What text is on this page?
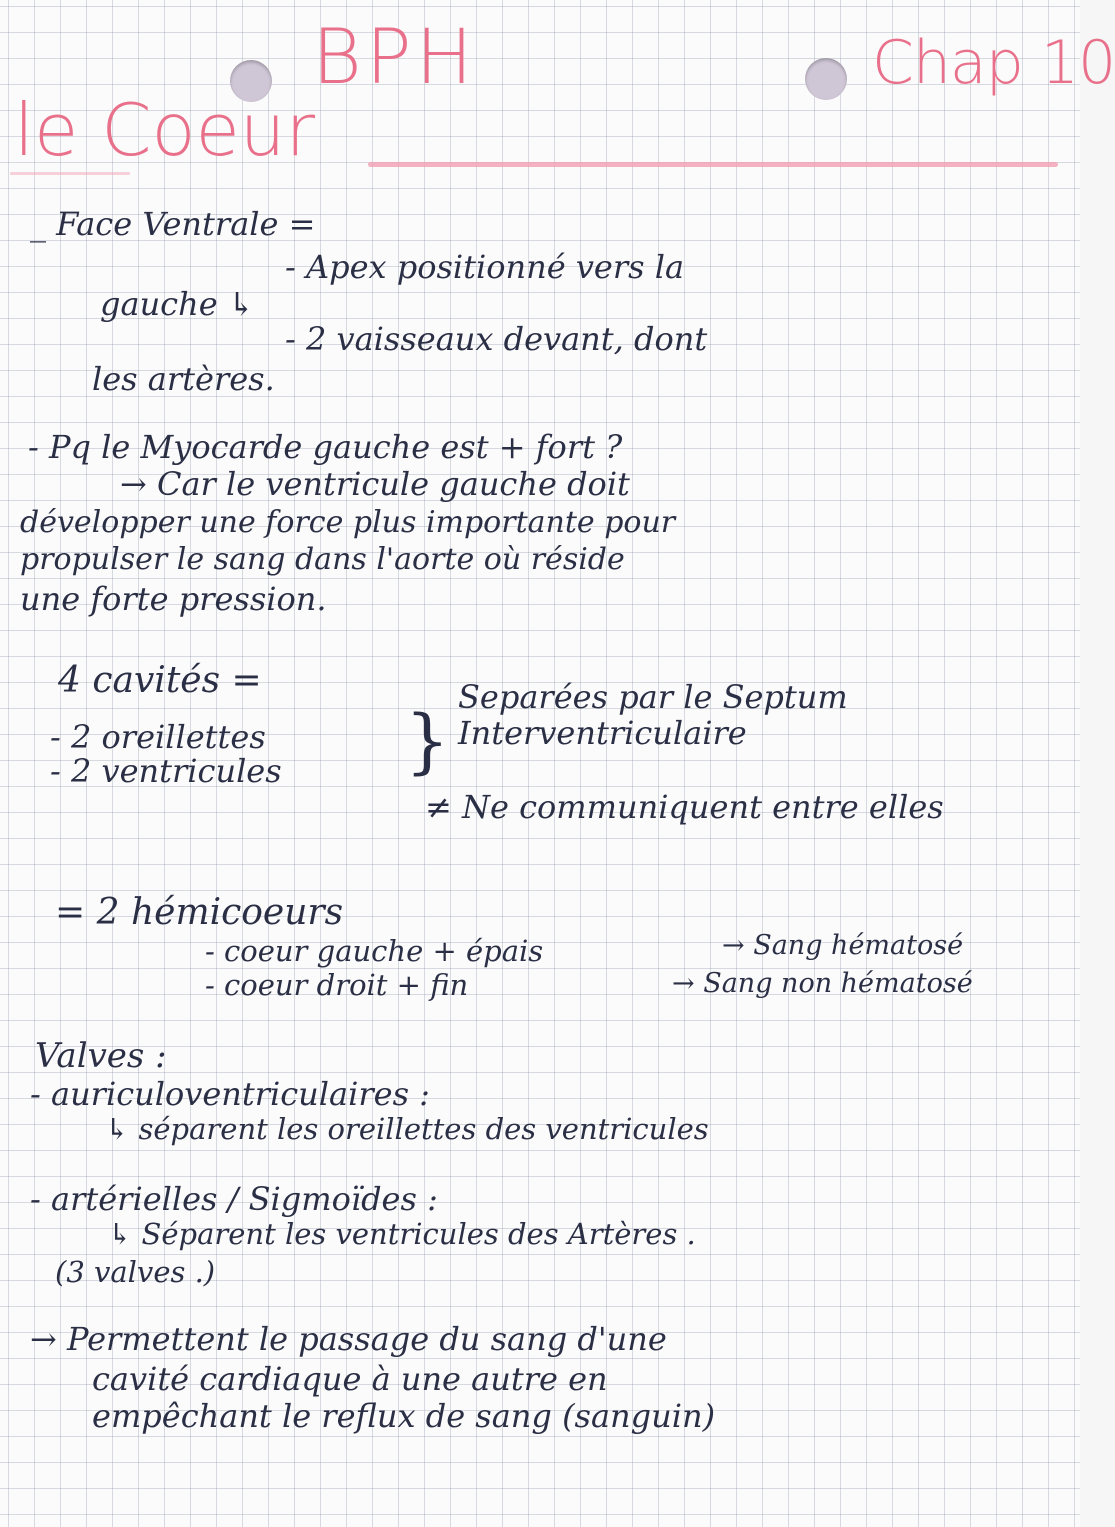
BPH	Chap 10
le Coeur
_ Face Ventrale =
- Apex positionné vers la
gauche ↳
- 2 vaisseaux devant, dont
les artères.
- Pq le Myocarde gauche est + fort ?
→ Car le ventricule gauche doit
développer une force plus importante pour
propulser le sang dans l'aorte où réside
une forte pression.
4 cavités =
- 2 oreillettes
- 2 ventricules }
Separées par le Septum
Interventriculaire
≠ Ne communiquent entre elles
= 2 hémicoeurs
- coeur gauche + épais
- coeur droit + fin
→ Sang hématosé
→ Sang non hématosé
Valves :
- auriculoventriculaires :
↳ séparent les oreillettes des ventricules
- artérielles / Sigmoïdes :
↳ Séparent les ventricules des Artères .
(3 valves .)
→ Permettent le passage du sang d'une
cavité cardiaque à une autre en
empêchant le reflux de sang (sanguin)
